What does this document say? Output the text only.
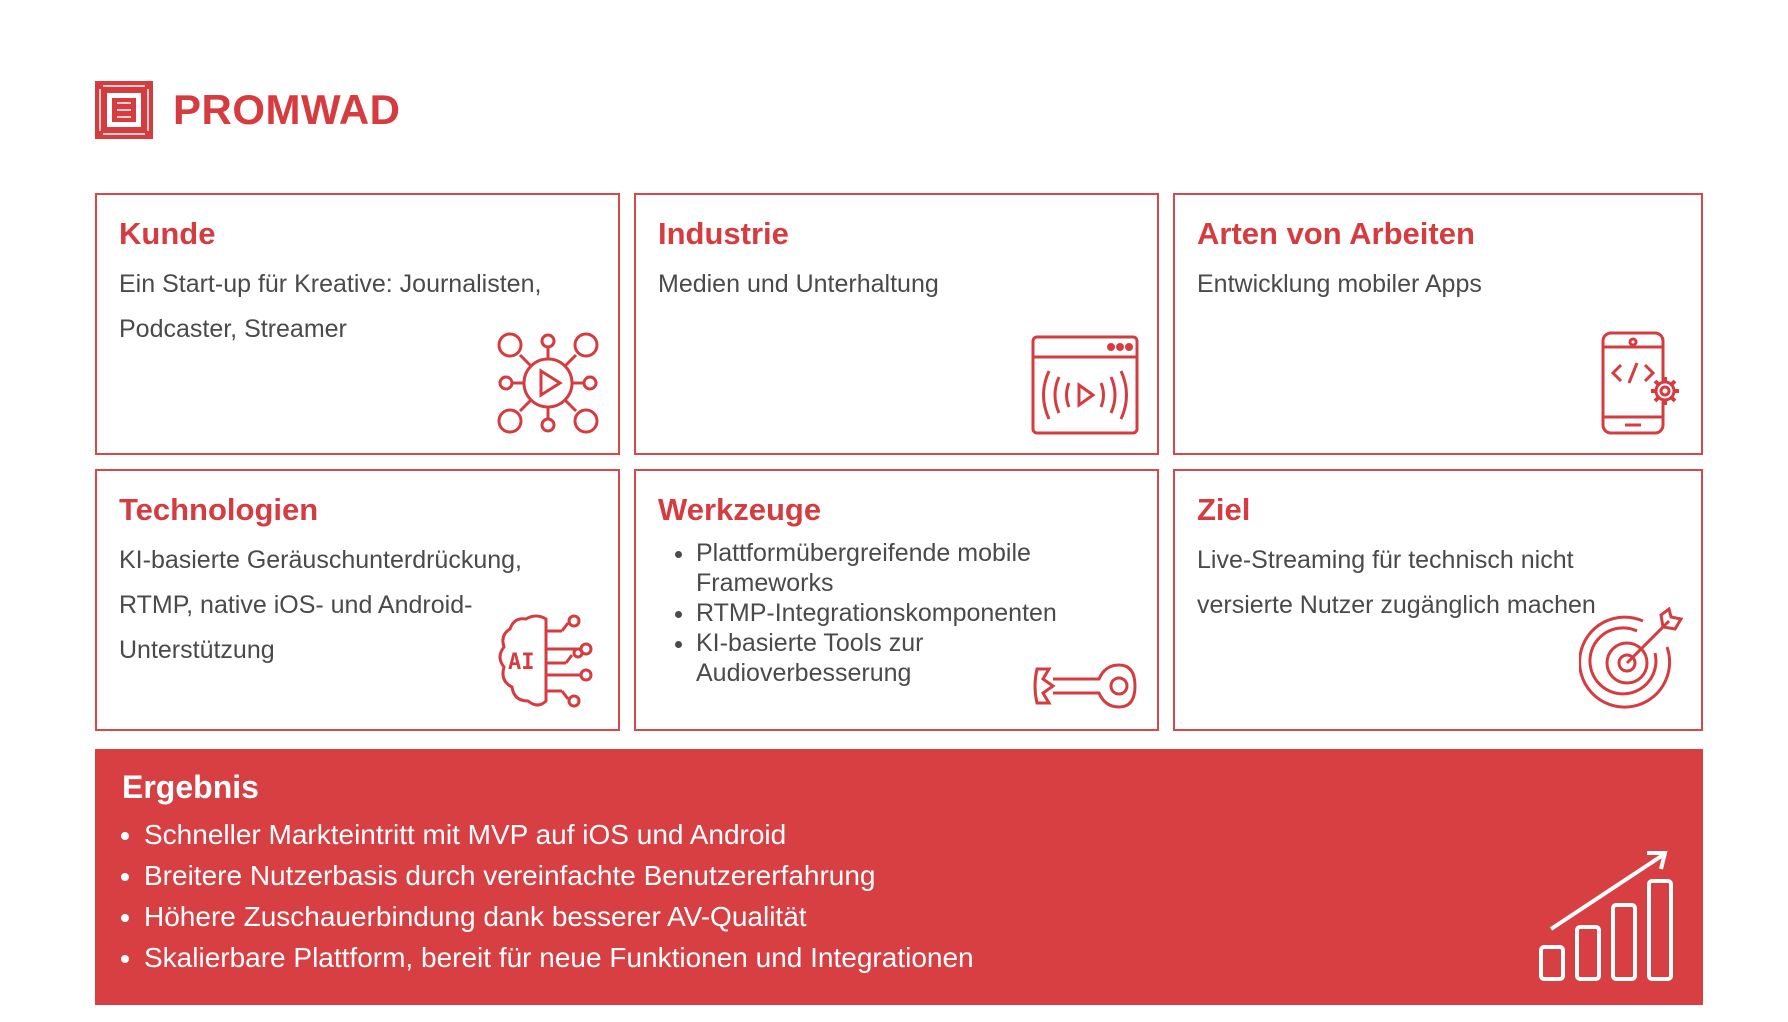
PROMWAD
Kunde

Ein Start-up für Kreative: Journalisten, Podcaster, Streamer

Industrie

Medien und Unterhaltung

Arten von Arbeiten

Entwicklung mobiler Apps

Technologien

KI-basierte Geräuschunterdrückung, RTMP, native iOS- und Android-Unterstützung	AI
Werkzeuge
• Plattformübergreifende mobile Frameworks
• RTMP-Integrationskomponenten
• KI-basierte Tools zur Audioverbesserung
Ziel

Live-Streaming für technisch nicht versierte Nutzer zugänglich machen

Ergebnis
• Schneller Markteintritt mit MVP auf iOS und Android
• Breitere Nutzerbasis durch vereinfachte Benutzererfahrung
• Höhere Zuschauerbindung dank besserer AV-Qualität
• Skalierbare Plattform, bereit für neue Funktionen und Integrationen
